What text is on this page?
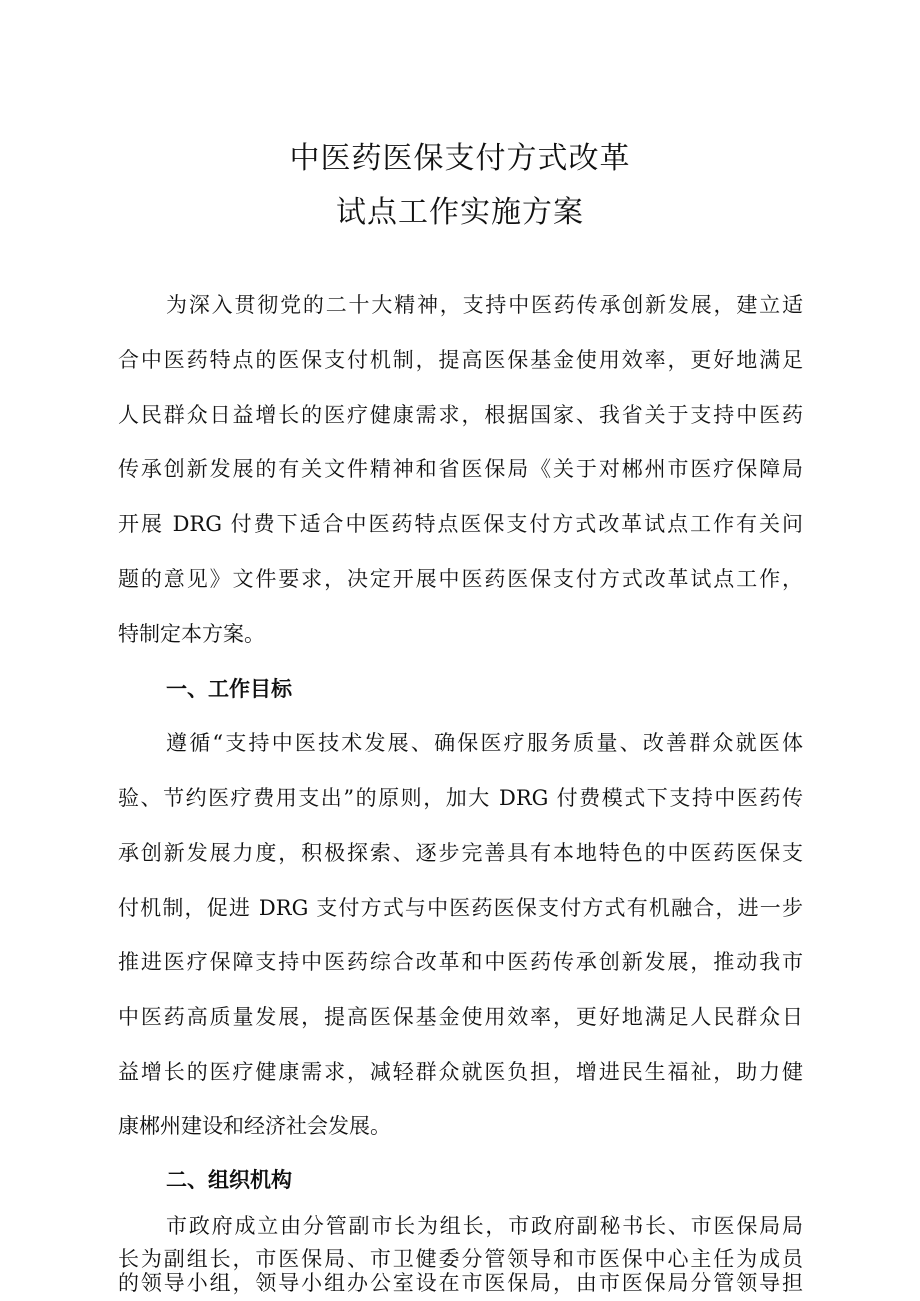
中医药医保支付方式改革
试点工作实施方案
为深入贯彻党的二十大精神，支持中医药传承创新发展，建立适
合中医药特点的医保支付机制，提高医保基金使用效率，更好地满足
人民群众日益增长的医疗健康需求，根据国家、我省关于支持中医药
传承创新发展的有关文件精神和省医保局《关于对郴州市医疗保障局
开展 DRG 付费下适合中医药特点医保支付方式改革试点工作有关问
题的意见》文件要求，决定开展中医药医保支付方式改革试点工作，
特制定本方案。
一、工作目标
遵循“支持中医技术发展、确保医疗服务质量、改善群众就医体
验、节约医疗费用支出”的原则，加大 DRG 付费模式下支持中医药传
承创新发展力度，积极探索、逐步完善具有本地特色的中医药医保支
付机制，促进 DRG 支付方式与中医药医保支付方式有机融合，进一步
推进医疗保障支持中医药综合改革和中医药传承创新发展，推动我市
中医药高质量发展，提高医保基金使用效率，更好地满足人民群众日
益增长的医疗健康需求，减轻群众就医负担，增进民生福祉，助力健
康郴州建设和经济社会发展。
二、组织机构
市政府成立由分管副市长为组长，市政府副秘书长、市医保局局
长为副组长，市医保局、市卫健委分管领导和市医保中心主任为成员
的领导小组，领导小组办公室设在市医保局，由市医保局分管领导担
